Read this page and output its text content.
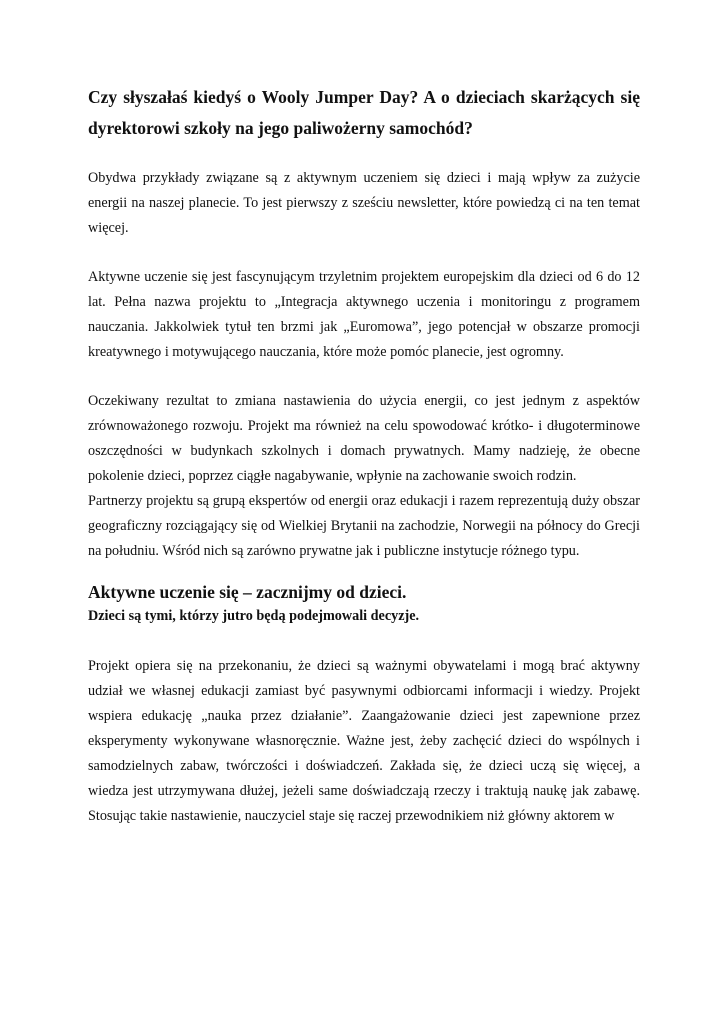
Czy słyszałaś kiedyś o Wooly Jumper Day? A o dzieciach skarżących się dyrektorowi szkoły na jego paliwożerny samochód?

Obydwa przykłady związane są z aktywnym uczeniem się dzieci i mają wpływ za zużycie energii na naszej planecie. To jest pierwszy z sześciu newsletter, które powiedzą ci na ten temat więcej.

Aktywne uczenie się jest fascynującym trzyletnim projektem europejskim dla dzieci od 6 do 12 lat. Pełna nazwa projektu to „Integracja aktywnego uczenia i monitoringu z programem nauczania. Jakkolwiek tytuł ten brzmi jak „Euromowa”, jego potencjał w obszarze promocji kreatywnego i motywującego nauczania, które może pomóc planecie, jest ogromny.

Oczekiwany rezultat to zmiana nastawienia do użycia energii, co jest jednym z aspektów zrównoważonego rozwoju. Projekt ma również na celu spowodować krótko- i długoterminowe oszczędności w budynkach szkolnych i domach prywatnych. Mamy nadzieję, że obecne pokolenie dzieci, poprzez ciągłe nagabywanie, wpłynie na zachowanie swoich rodzin.

Partnerzy projektu są grupą ekspertów od energii oraz edukacji i razem reprezentują duży obszar geograficzny rozciągający się od Wielkiej Brytanii na zachodzie, Norwegii na północy do Grecji na południu. Wśród nich są zarówno prywatne jak i publiczne instytucje różnego typu.

Aktywne uczenie się – zacznijmy od dzieci.
Dzieci są tymi, którzy jutro będą podejmowali decyzje.

Projekt opiera się na przekonaniu, że dzieci są ważnymi obywatelami i mogą brać aktywny udział we własnej edukacji zamiast być pasywnymi odbiorcami informacji i wiedzy. Projekt wspiera edukację „nauka przez działanie”. Zaangażowanie dzieci jest zapewnione przez eksperymenty wykonywane własnoręcznie. Ważne jest, żeby zachęcić dzieci do wspólnych i samodzielnych zabaw, twórczości i doświadczeń. Zakłada się, że dzieci uczą się więcej, a wiedza jest utrzymywana dłużej, jeżeli same doświadczają rzeczy i traktują naukę jak zabawę. Stosując takie nastawienie, nauczyciel staje się raczej przewodnikiem niż główny aktorem w
